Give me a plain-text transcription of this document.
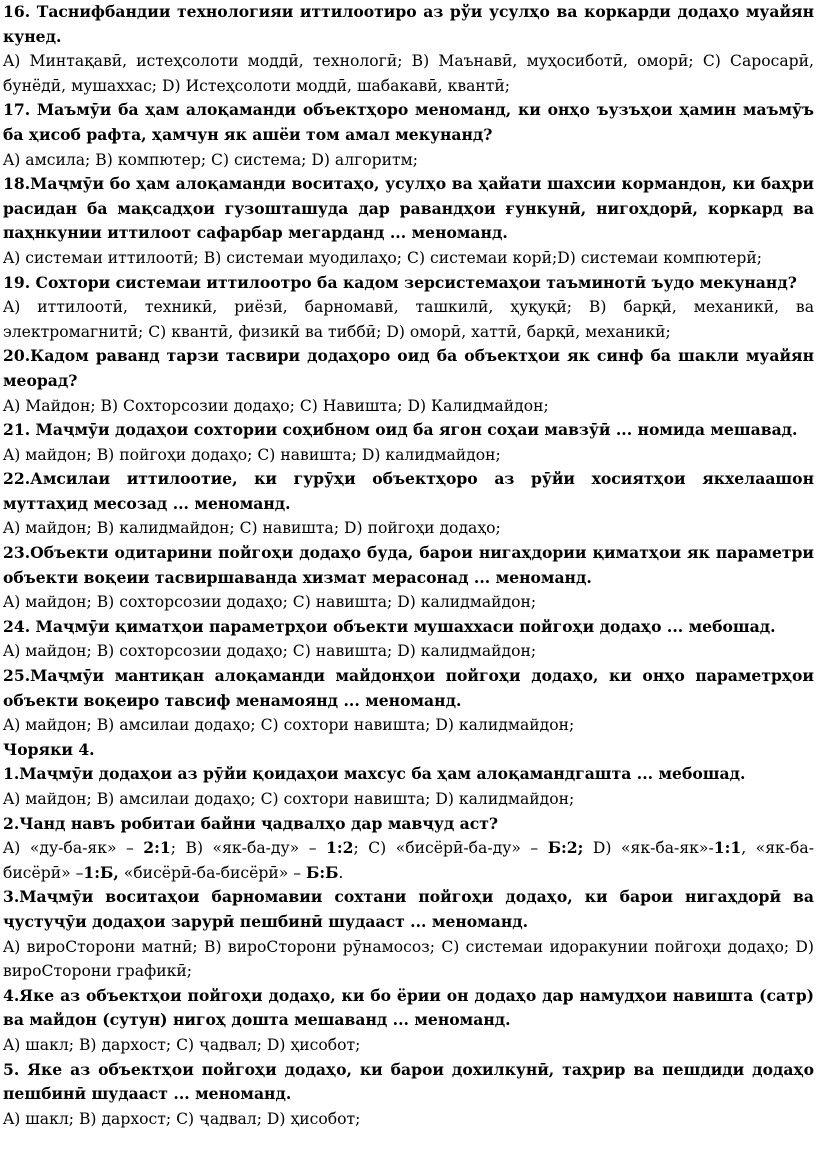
16. Таснифбандии технологияи иттилоотиро аз рўи усулҳо ва коркарди додаҳо муайян кунед.

A) Минтақавӣ, истеҳсолоти моддӣ, технологӣ; B) Маънавӣ, муҳосиботӣ, оморӣ; C) Саросарӣ, бунёдӣ, мушаххас; D) Истеҳсолоти моддӣ, шабакавӣ, квантӣ;

17. Маъмӯи ба ҳам алоқаманди объектҳоро меноманд, ки онҳо ъузъҳои ҳамин маъмӯъ ба ҳисоб рафта, ҳамчун як ашёи том амал мекунанд?

A) амсила; B) компютер; C) система; D) алгоритм;

18.Маҷмӯи бо ҳам алоқаманди воситаҳо, усулҳо ва ҳайати шахсии кормандон, ки баҳри расидан ба мақсадҳои гузошташуда дар равандҳои ғункунӣ, нигоҳдорӣ, коркард ва паҳнкунии иттилоот сафарбар мегарданд ... меноманд.

A) системаи иттилоотӣ; B) системаи муодилаҳо; C) системаи корӣ;D) системаи компютерӣ;

19. Сохтори системаи иттилоотро ба кадом зерсистемаҳои таъминотӣ ъудо мекунанд?

A) иттилоотӣ, техникӣ, риёзӣ, барномавӣ, ташкилӣ, ҳуқуқӣ; B) барқӣ, механикӣ, ва электромагнитӣ; C) квантӣ, физикӣ ва тиббӣ; D) оморӣ, хаттӣ, барқӣ, механикӣ;

20.Кадом раванд тарзи тасвири додаҳоро оид ба объектҳои як синф ба шакли муайян меорад?

A) Майдон; B) Сохторсозии додаҳо; C) Навишта; D) Калидмайдон;

21. Маҷмӯи додаҳои сохтории соҳибном оид ба ягон соҳаи мавзӯӣ ... номида мешавад.

A) майдон; B) пойгоҳи додаҳо; C) навишта; D) калидмайдон;

22.Амсилаи иттилоотие, ки гурӯҳи объектҳоро аз рӯйи хосиятҳои якхелаашон муттаҳид месозад ... меноманд.

A) майдон; B) калидмайдон; C) навишта; D) пойгоҳи додаҳо;

23.Объекти одитарини пойгоҳи додаҳо буда, барои нигаҳдории қиматҳои як параметри объекти воқеии тасвиршаванда хизмат мерасонад ... меноманд.

A) майдон; B) сохторсозии додаҳо; C) навишта; D) калидмайдон;

24. Маҷмӯи қиматҳои параметрҳои объекти мушаххаси пойгоҳи додаҳо ... мебошад.

A) майдон; B) сохторсозии додаҳо; C) навишта; D) калидмайдон;

25.Маҷмӯи мантиқан алоқаманди майдонҳои пойгоҳи додаҳо, ки онҳо параметрҳои объекти воқеиро тавсиф менамоянд ... меноманд.

A) майдон; B) амсилаи додаҳо; C) сохтори навишта; D) калидмайдон;

Чоряки 4.

1.Маҷмӯи додаҳои аз рӯйи қоидаҳои махсус ба ҳам алоқамандгашта ... мебошад.

A) майдон; B) амсилаи додаҳо; C) сохтори навишта; D) калидмайдон;

2.Чанд навъ робитаи байни ҷадвалҳо дар мавҷуд аст?

A) «ду-ба-як» – 2:1; B) «як-ба-ду» – 1:2; C) «бисёрӣ-ба-ду» – Б:2; D) «як-ба-як»-1:1, «як-ба-бисёрӣ» –1:Б, «бисёрӣ-ба-бисёрӣ» – Б:Б.

3.Маҷмӯи воситаҳои барномавии сохтани пойгоҳи додаҳо, ки барои нигаҳдорӣ ва ҷустуҷӯи додаҳои зарурӣ пешбинӣ шудааст ... меноманд.

A) вироСторони матнӣ; B) вироСторони рӯнамосоз; C) системаи идоракунии пойгоҳи додаҳо; D) вироСторони графикӣ;

4.Яке аз объектҳои пойгоҳи додаҳо, ки бо ёрии он додаҳо дар намудҳои навишта (сатр) ва майдон (сутун) нигоҳ дошта мешаванд ... меноманд.

A) шакл; B) дархост; C) ҷадвал; D) ҳисобот;

5. Яке аз объектҳои пойгоҳи додаҳо, ки барои дохилкунӣ, таҳрир ва пешдиди додаҳо пешбинӣ шудааст ... меноманд.

A) шакл; B) дархост; C) ҷадвал; D) ҳисобот;
